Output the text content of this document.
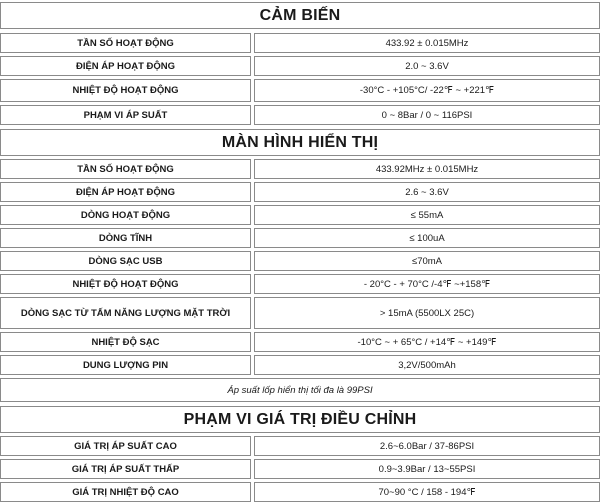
CẢM BIẾN
TẦN SỐ HOẠT ĐỘNG	433.92 ± 0.015MHz
ĐIỆN ÁP HOẠT ĐỘNG	2.0 ~ 3.6V
NHIỆT ĐỘ HOẠT ĐỘNG	-30°C - +105°C/ -22℉ ~ +221℉
PHẠM VI ÁP SUẤT	0 ~ 8Bar / 0 ~ 116PSI
MÀN HÌNH HIỂN THỊ
TẦN SỐ HOẠT ĐỘNG	433.92MHz ± 0.015MHz
ĐIỆN ÁP HOẠT ĐỘNG	2.6 ~ 3.6V
DÒNG HOẠT ĐỘNG	≤ 55mA
DÒNG TĨNH	≤ 100uA
DÒNG SẠC USB	≤70mA
NHIỆT ĐỘ HOẠT ĐỘNG	- 20°C - + 70°C /-4℉ ~+158℉
DÒNG SẠC TỪ TẤM NĂNG LƯỢNG MẶT TRỜI	> 15mA (5500LX 25C)
NHIỆT ĐỘ SẠC	-10°C ~ + 65°C / +14℉ ~ +149℉
DUNG LƯỢNG PIN	3,2V/500mAh
Áp suất lốp hiển thị tối đa là 99PSI
PHẠM VI GIÁ TRỊ ĐIỀU CHỈNH
GIÁ TRỊ ÁP SUẤT CAO	2.6~6.0Bar / 37-86PSI
GIÁ TRỊ ÁP SUẤT THẤP	0.9~3.9Bar / 13~55PSI
GIÁ TRỊ NHIỆT ĐỘ CAO	70~90 °C / 158 - 194℉
